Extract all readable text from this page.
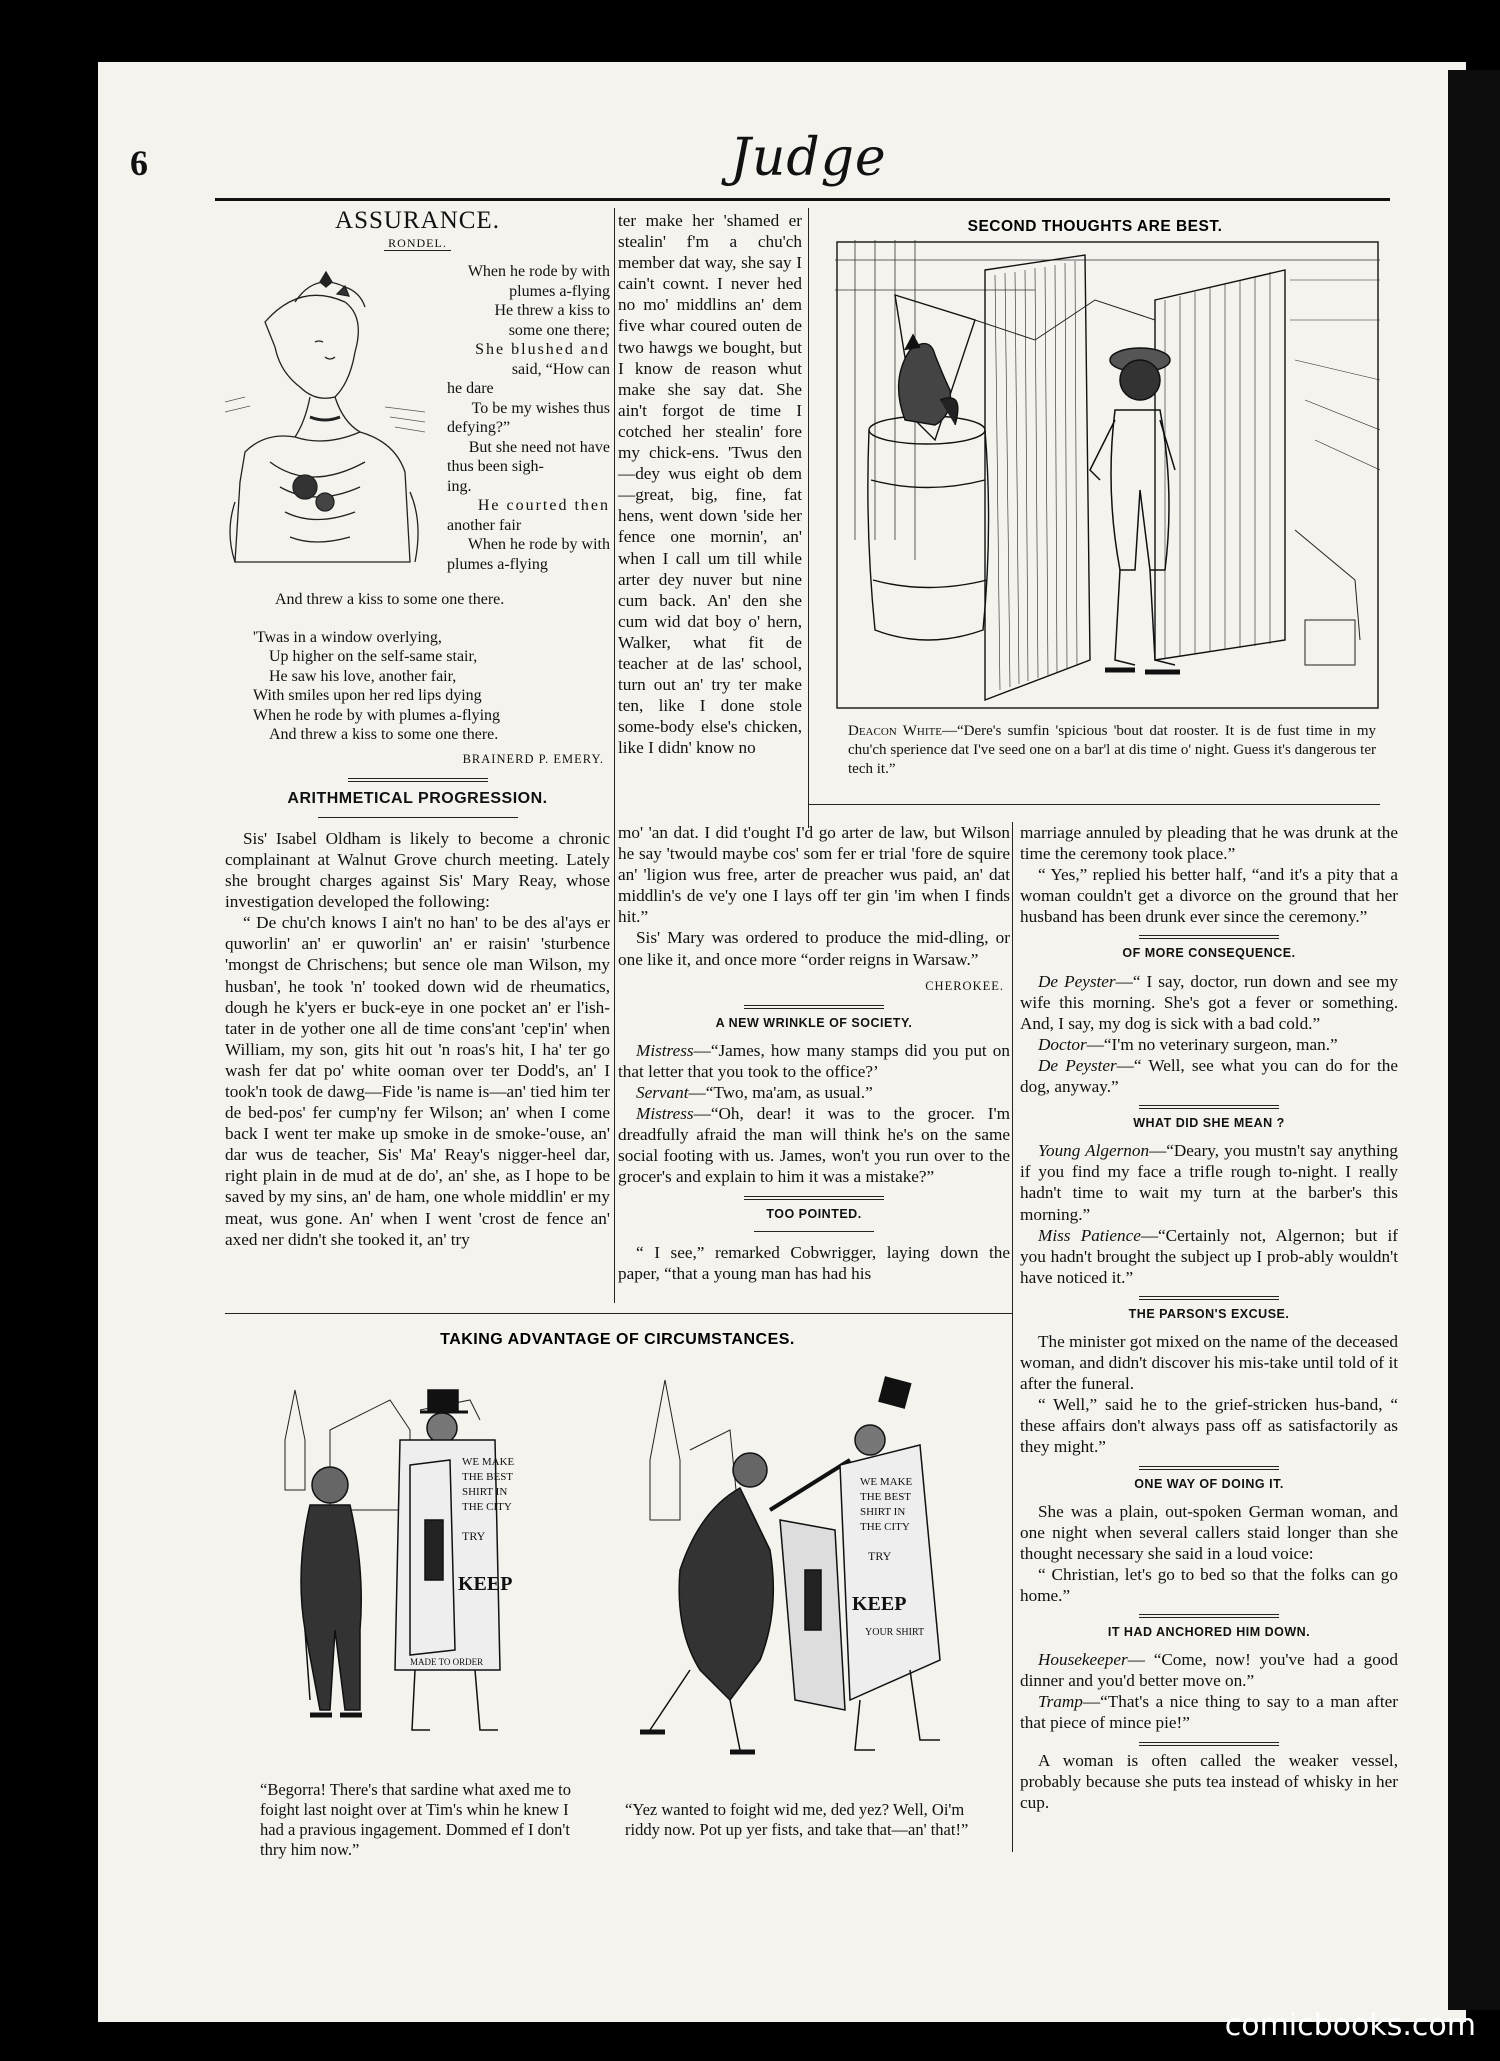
6	Judge
ASSURANCE.
RONDEL.
When he rode by with
plumes a-flying
He threw a kiss to
some one there;
She blushed and
said, “How can
he dare
To be my wishes thus
defying?”
But she need not have
thus been sigh-
ing.
He courted then
another fair
When he rode by with
plumes a-flying
And threw a kiss to some one there.
'Twas in a window overlying,
Up higher on the self-same stair,
He saw his love, another fair,
With smiles upon her red lips dying
When he rode by with plumes a-flying
And threw a kiss to some one there.
BRAINERD P. EMERY.
ARITHMETICAL PROGRESSION.

Sis' Isabel Oldham is likely to become a chronic complainant at Walnut Grove church meeting. Lately she brought charges against Sis' Mary Reay, whose investigation developed the following:

“ De chu'ch knows I ain't no han' to be des al'ays er quworlin' an' er quworlin' an' er raisin' 'sturbence 'mongst de Chrischens; but sence ole man Wilson, my husban', he took 'n' tooked down wid de rheumatics, dough he k'yers er buck-eye in one pocket an' er l'ish-tater in de yother one all de time cons'ant 'cep'in' when William, my son, gits hit out 'n roas's hit, I ha' ter go wash fer dat po' white ooman over ter Dodd's, an' I took'n took de dawg—Fide 'is name is—an' tied him ter de bed-pos' fer cump'ny fer Wilson; an' when I come back I went ter make up smoke in de smoke-'ouse, an' dar wus de teacher, Sis' Ma' Reay's nigger-heel dar, right plain in de mud at de do', an' she, as I hope to be saved by my sins, an' de ham, one whole middlin' er my meat, wus gone. An' when I went 'crost de fence an' axed ner didn't she tooked it, an' try

ter make her 'shamed er stealin' f'm a chu'ch member dat way, she say I cain't cownt. I never hed no mo' middlins an' dem five whar coured outen de two hawgs we bought, but I know de reason whut make she say dat. She ain't forgot de time I cotched her stealin' fore my chick-ens. 'Twus den—dey wus eight ob dem—great, big, fine, fat hens, went down 'side her fence one mornin', an' when I call um till while arter dey nuver but nine cum back. An' den she cum wid dat boy o' hern, Walker, what fit de teacher at de las' school, turn out an' try ter make ten, like I done stole some-body else's chicken, like I didn' know no

SECOND THOUGHTS ARE BEST.
Deacon White—“Dere's sumfin 'spicious 'bout dat rooster. It is de fust time in my chu'ch sperience dat I've seed one on a bar'l at dis time o' night. Guess it's dangerous ter tech it.”

mo' 'an dat. I did t'ought I'd go arter de law, but Wilson he say 'twould maybe cos' som fer er trial 'fore de squire an' 'ligion wus free, arter de preacher wus paid, an' dat middlin's de ve'y one I lays off ter gin 'im when I finds hit.”

Sis' Mary was ordered to produce the mid-dling, or one like it, and once more “order reigns in Warsaw.”

CHEROKEE.
A NEW WRINKLE OF SOCIETY.

Mistress—“James, how many stamps did you put on that letter that you took to the office?’

Servant—“Two, ma'am, as usual.”

Mistress—“Oh, dear! it was to the grocer. I'm dreadfully afraid the man will think he's on the same social footing with us. James, won't you run over to the grocer's and explain to him it was a mistake?”

TOO POINTED.

“ I see,” remarked Cobwrigger, laying down the paper, “that a young man has had his

marriage annuled by pleading that he was drunk at the time the ceremony took place.”

“ Yes,” replied his better half, “and it's a pity that a woman couldn't get a divorce on the ground that her husband has been drunk ever since the ceremony.”

OF MORE CONSEQUENCE.

De Peyster—“ I say, doctor, run down and see my wife this morning. She's got a fever or something. And, I say, my dog is sick with a bad cold.”

Doctor—“I'm no veterinary surgeon, man.”

De Peyster—“ Well, see what you can do for the dog, anyway.”

WHAT DID SHE MEAN ?

Young Algernon—“Deary, you mustn't say anything if you find my face a trifle rough to-night. I really hadn't time to wait my turn at the barber's this morning.”

Miss Patience—“Certainly not, Algernon; but if you hadn't brought the subject up I prob-ably wouldn't have noticed it.”

THE PARSON'S EXCUSE.

The minister got mixed on the name of the deceased woman, and didn't discover his mis-take until told of it after the funeral.

“ Well,” said he to the grief-stricken hus-band, “ these affairs don't always pass off as satisfactorily as they might.”

ONE WAY OF DOING IT.

She was a plain, out-spoken German woman, and one night when several callers staid longer than she thought necessary she said in a loud voice:

“ Christian, let's go to bed so that the folks can go home.”

IT HAD ANCHORED HIM DOWN.

Housekeeper— “Come, now! you've had a good dinner and you'd better move on.”

Tramp—“That's a nice thing to say to a man after that piece of mince pie!”

A woman is often called the weaker vessel, probably because she puts tea instead of whisky in her cup.

TAKING ADVANTAGE OF CIRCUMSTANCES.
WE MAKE
THE BEST
SHIRT IN
THE CITY
TRY
KEEP
MADE TO ORDER
WE MAKE
THE BEST
SHIRT IN
THE CITY
TRY
KEEP
YOUR SHIRT
“Begorra! There's that sardine what axed me to foight last noight over at Tim's whin he knew I had a pravious ingagement. Dommed ef I don't thry him now.”
“Yez wanted to foight wid me, ded yez? Well, Oi'm riddy now. Pot up yer fists, and take that—an' that!”
comicbooks.com
